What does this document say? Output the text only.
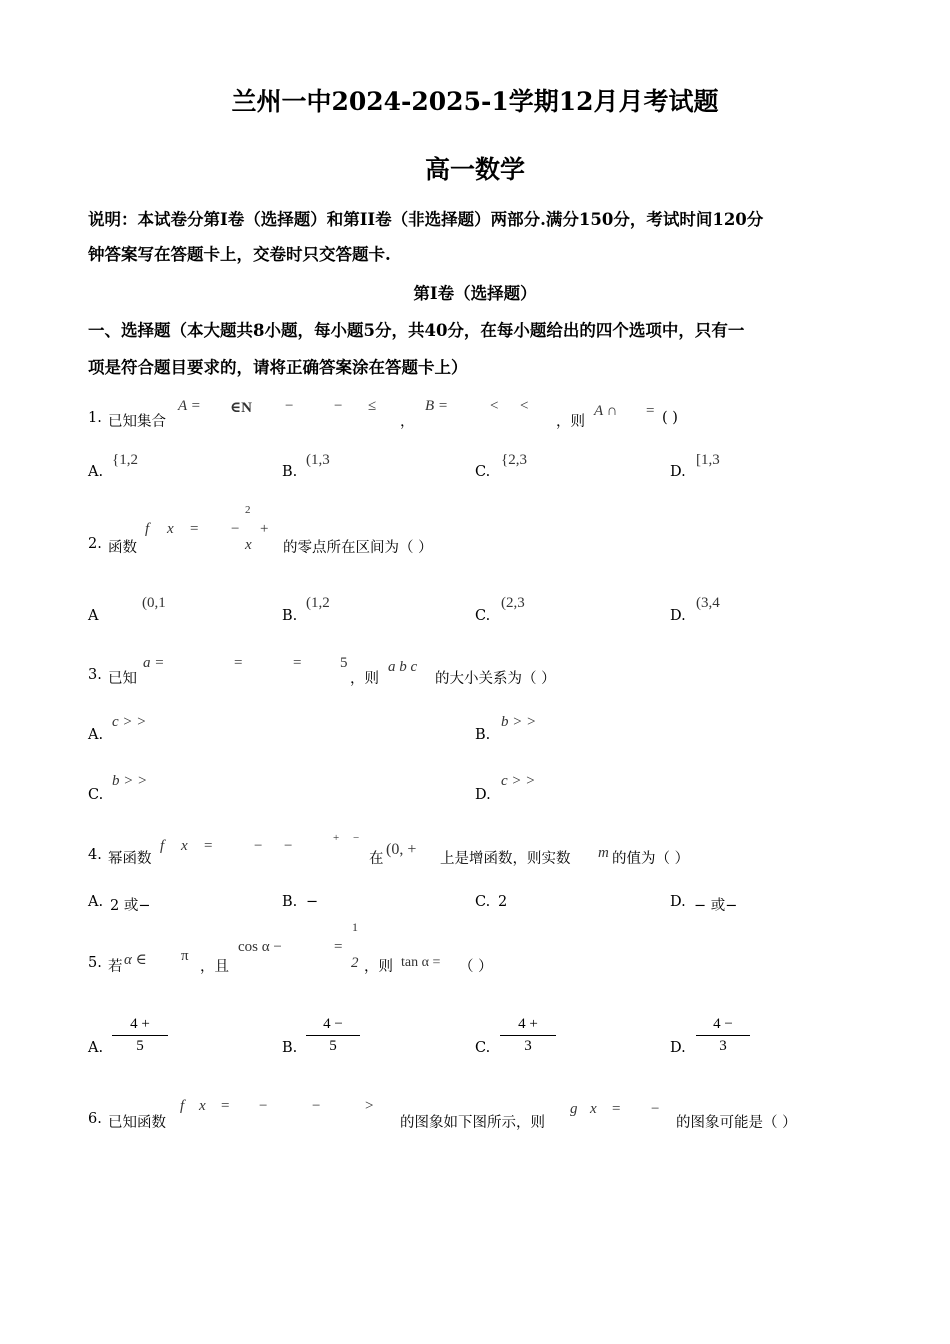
兰州一中2024-2025-1学期12月月考试题
高一数学
说明：本试卷分第I卷（选择题）和第II卷（非选择题）两部分.满分150分，考试时间120分
钟答案写在答题卡上，交卷时只交答题卡.
第I卷（选择题）
一、选择题（本大题共8小题，每小题5分，共40分，在每小题给出的四个选项中，只有一
项是符合题目要求的，请将正确答案涂在答题卡上）
1. 已知集合
A = ∈N −	− ≤
，
B =	< <
，则
A ∩ = ( )
A.
{1,2
B.
(1,3
C.
{2,3
D.
[1,3
2. 函数
f x = −
2
+
x 的零点所在区间为（ ）
A
(0,1
B.
(1,2
C.
(2,3
D.
(3,4
3. 已知
a =	=	=	5
，则
a b c
的大小关系为（ ）
A.
c > >
B.
b > >
C.
b > >
D.
c > >
4. 幂函数
f x =	− −	+ −
在
(0, +
上是增函数，则实数 m 的值为（ ）
A. 2 或−	B. −	C. 2	D. − 或−
5. 若 α ∈ π
，且
cos α −	=
1
2 ，则 tan α = （ ）
A.
4 +
5	B.
4 −
5	C.
4 +
3	D.
4 −
3
6. 已知函数
f x = −	−	>
的图象如下图所示，则
g x = −
的图象可能是（ ）
